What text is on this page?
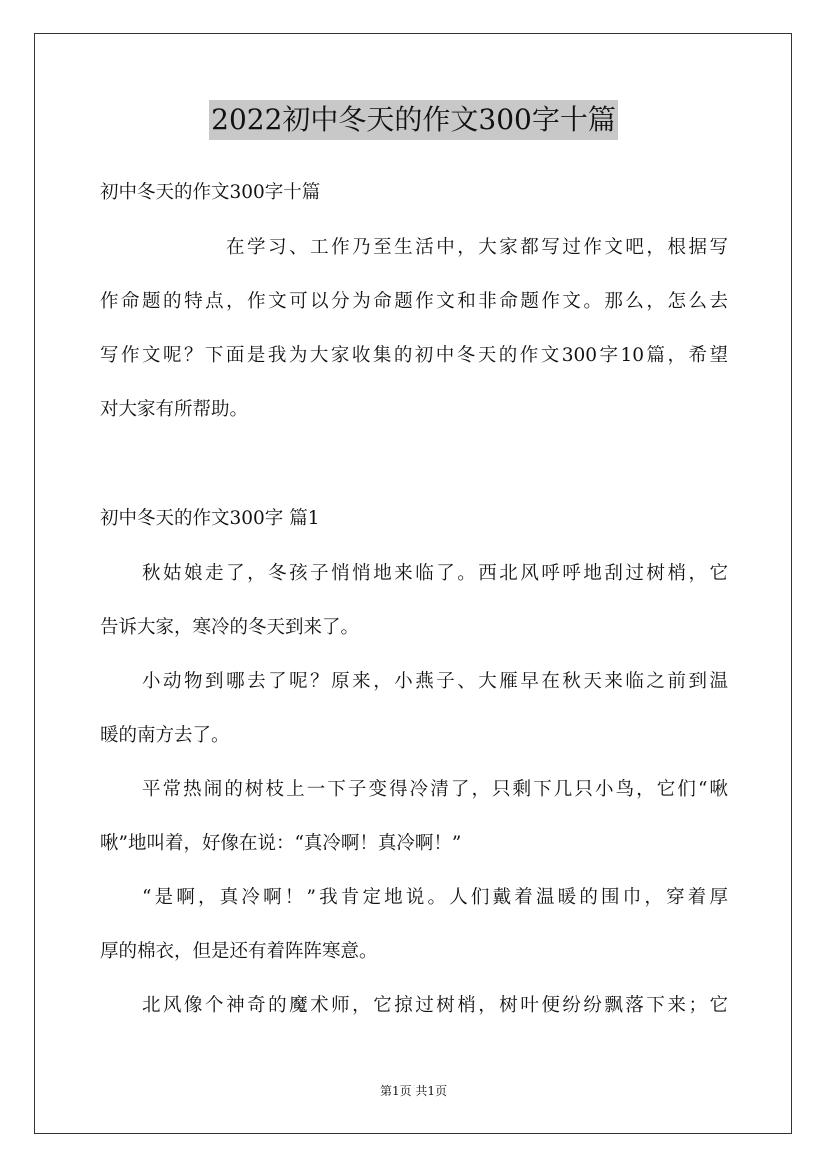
2022初中冬天的作文300字十篇
初中冬天的作文300字十篇
在学习、工作乃至生活中，大家都写过作文吧，根据写
作命题的特点，作文可以分为命题作文和非命题作文。那么，怎么去
写作文呢？下面是我为大家收集的初中冬天的作文300字10篇，希望
对大家有所帮助。
初中冬天的作文300字 篇1
秋姑娘走了，冬孩子悄悄地来临了。西北风呼呼地刮过树梢，它
告诉大家，寒冷的冬天到来了。
小动物到哪去了呢？原来，小燕子、大雁早在秋天来临之前到温
暖的南方去了。
平常热闹的树枝上一下子变得冷清了，只剩下几只小鸟，它们“啾
啾”地叫着，好像在说：“真冷啊！真冷啊！”
“是啊，真冷啊！”我肯定地说。人们戴着温暖的围巾，穿着厚
厚的棉衣，但是还有着阵阵寒意。
北风像个神奇的魔术师，它掠过树梢，树叶便纷纷飘落下来；它
第1页 共1页
